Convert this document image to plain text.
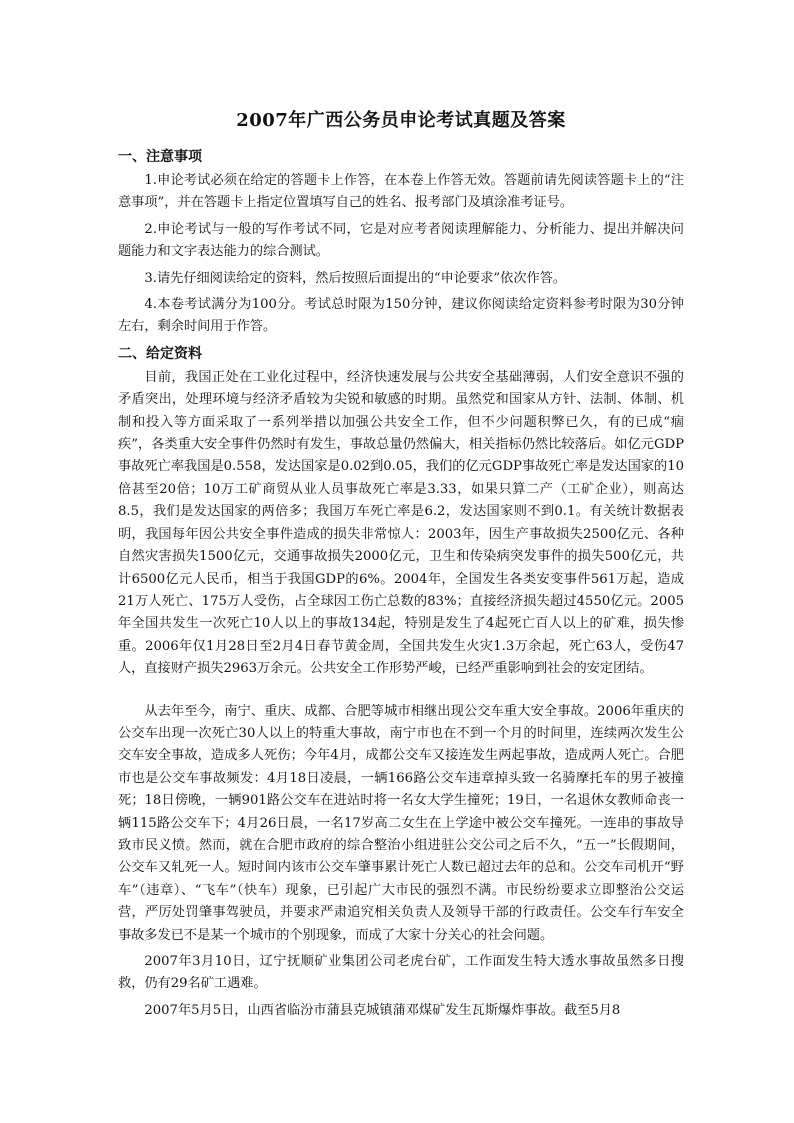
2007年广西公务员申论考试真题及答案
一、注意事项

1.申论考试必须在给定的答题卡上作答，在本卷上作答无效。答题前请先阅读答题卡上的“注意事项”，并在答题卡上指定位置填写自己的姓名、报考部门及填涂准考证号。

2.申论考试与一般的写作考试不同，它是对应考者阅读理解能力、分析能力、提出并解决问题能力和文字表达能力的综合测试。

3.请先仔细阅读给定的资料，然后按照后面提出的“申论要求”依次作答。

4.本卷考试满分为100分。考试总时限为150分钟，建议你阅读给定资料参考时限为30分钟左右，剩余时间用于作答。

二、给定资料

目前，我国正处在工业化过程中，经济快速发展与公共安全基础薄弱，人们安全意识不强的矛盾突出，处理环境与经济矛盾较为尖锐和敏感的时期。虽然党和国家从方针、法制、体制、机制和投入等方面采取了一系列举措以加强公共安全工作，但不少问题积弊已久，有的已成“痼疾”，各类重大安全事件仍然时有发生，事故总量仍然偏大，相关指标仍然比较落后。如亿元GDP事故死亡率我国是0.558，发达国家是0.02到0.05，我们的亿元GDP事故死亡率是发达国家的10倍甚至20倍；10万工矿商贸从业人员事故死亡率是3.33，如果只算二产（工矿企业），则高达8.5，我们是发达国家的两倍多；我国万车死亡率是6.2，发达国家则不到0.1。有关统计数据表明，我国每年因公共安全事件造成的损失非常惊人：2003年，因生产事故损失2500亿元、各种自然灾害损失1500亿元，交通事故损失2000亿元，卫生和传染病突发事件的损失500亿元，共计6500亿元人民币，相当于我国GDP的6%。2004年，全国发生各类安变事件561万起，造成21万人死亡、175万人受伤，占全球因工伤亡总数的83%；直接经济损失超过4550亿元。2005年全国共发生一次死亡10人以上的事故134起，特别是发生了4起死亡百人以上的矿难，损失惨重。2006年仅1月28日至2月4日春节黄金周，全国共发生火灾1.3万余起，死亡63人，受伤47人，直接财产损失2963万余元。公共安全工作形势严峻，已经严重影响到社会的安定团结。

从去年至今，南宁、重庆、成都、合肥等城市相继出现公交车重大安全事故。2006年重庆的公交车出现一次死亡30人以上的特重大事故，南宁市也在不到一个月的时间里，连续两次发生公交车安全事故，造成多人死伤；今年4月，成都公交车又接连发生两起事故，造成两人死亡。合肥市也是公交车事故频发：4月18日凌晨，一辆166路公交车违章掉头致一名骑摩托车的男子被撞死；18日傍晚，一辆901路公交车在进站时将一名女大学生撞死；19日，一名退休女教师命丧一辆115路公交车下；4月26日晨，一名17岁高二女生在上学途中被公交车撞死。一连串的事故导致市民义愤。然而，就在合肥市政府的综合整治小组进驻公交公司之后不久，“五一”长假期间，公交车又轧死一人。短时间内该市公交车肇事累计死亡人数已超过去年的总和。公交车司机开“野车”（违章）、“飞车”（快车）现象，已引起广大市民的强烈不满。市民纷纷要求立即整治公交运营，严厉处罚肇事驾驶员，并要求严肃追究相关负责人及领导干部的行政责任。公交车行车安全事故多发已不是某一个城市的个别现象，而成了大家十分关心的社会问题。

2007年3月10日，辽宁抚顺矿业集团公司老虎台矿，工作面发生特大透水事故虽然多日搜救，仍有29名矿工遇难。

2007年5月5日，山西省临汾市蒲县克城镇蒲邓煤矿发生瓦斯爆炸事故。截至5月8
